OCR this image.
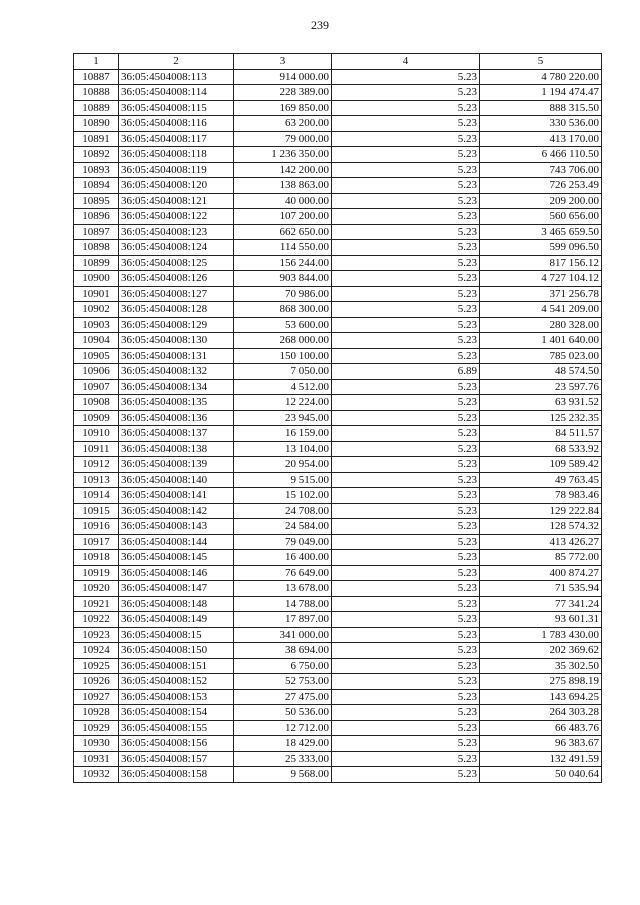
239
1	2	3	4	5
10887	36:05:4504008:113	914 000.00	5.23	4 780 220.00
10888	36:05:4504008:114	228 389.00	5.23	1 194 474.47
10889	36:05:4504008:115	169 850.00	5.23	888 315.50
10890	36:05:4504008:116	63 200.00	5.23	330 536.00
10891	36:05:4504008:117	79 000.00	5.23	413 170.00
10892	36:05:4504008:118	1 236 350.00	5.23	6 466 110.50
10893	36:05:4504008:119	142 200.00	5.23	743 706.00
10894	36:05:4504008:120	138 863.00	5.23	726 253.49
10895	36:05:4504008:121	40 000.00	5.23	209 200.00
10896	36:05:4504008:122	107 200.00	5.23	560 656.00
10897	36:05:4504008:123	662 650.00	5.23	3 465 659.50
10898	36:05:4504008:124	114 550.00	5.23	599 096.50
10899	36:05:4504008:125	156 244.00	5.23	817 156.12
10900	36:05:4504008:126	903 844.00	5.23	4 727 104.12
10901	36:05:4504008:127	70 986.00	5.23	371 256.78
10902	36:05:4504008:128	868 300.00	5.23	4 541 209.00
10903	36:05:4504008:129	53 600.00	5.23	280 328.00
10904	36:05:4504008:130	268 000.00	5.23	1 401 640.00
10905	36:05:4504008:131	150 100.00	5.23	785 023.00
10906	36:05:4504008:132	7 050.00	6.89	48 574.50
10907	36:05:4504008:134	4 512.00	5.23	23 597.76
10908	36:05:4504008:135	12 224.00	5.23	63 931.52
10909	36:05:4504008:136	23 945.00	5.23	125 232.35
10910	36:05:4504008:137	16 159.00	5.23	84 511.57
10911	36:05:4504008:138	13 104.00	5.23	68 533.92
10912	36:05:4504008:139	20 954.00	5.23	109 589.42
10913	36:05:4504008:140	9 515.00	5.23	49 763.45
10914	36:05:4504008:141	15 102.00	5.23	78 983.46
10915	36:05:4504008:142	24 708.00	5.23	129 222.84
10916	36:05:4504008:143	24 584.00	5.23	128 574.32
10917	36:05:4504008:144	79 049.00	5.23	413 426.27
10918	36:05:4504008:145	16 400.00	5.23	85 772.00
10919	36:05:4504008:146	76 649.00	5.23	400 874.27
10920	36:05:4504008:147	13 678.00	5.23	71 535.94
10921	36:05:4504008:148	14 788.00	5.23	77 341.24
10922	36:05:4504008:149	17 897.00	5.23	93 601.31
10923	36:05:4504008:15	341 000.00	5.23	1 783 430.00
10924	36:05:4504008:150	38 694.00	5.23	202 369.62
10925	36:05:4504008:151	6 750.00	5.23	35 302.50
10926	36:05:4504008:152	52 753.00	5.23	275 898.19
10927	36:05:4504008:153	27 475.00	5.23	143 694.25
10928	36:05:4504008:154	50 536.00	5.23	264 303.28
10929	36:05:4504008:155	12 712.00	5.23	66 483.76
10930	36:05:4504008:156	18 429.00	5.23	96 383.67
10931	36:05:4504008:157	25 333.00	5.23	132 491.59
10932	36:05:4504008:158	9 568.00	5.23	50 040.64
